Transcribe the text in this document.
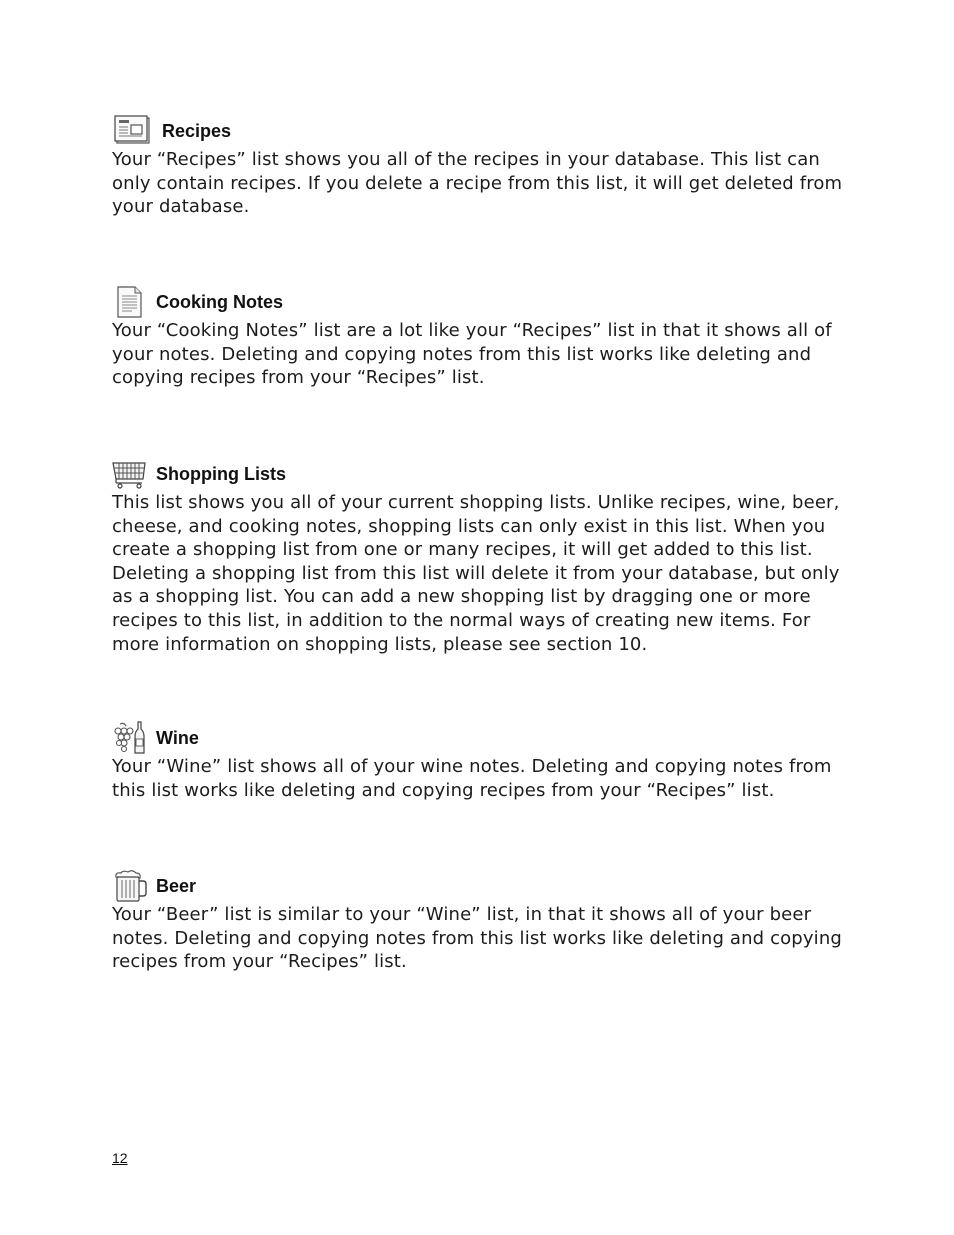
Recipes

Your “Recipes” list shows you all of the recipes in your database. This list can only contain recipes. If you delete a recipe from this list, it will get deleted from your database.

Cooking Notes

Your “Cooking Notes” list are a lot like your “Recipes” list in that it shows all of your notes. Deleting and copying notes from this list works like deleting and copying recipes from your “Recipes” list.

Shopping Lists

This list shows you all of your current shopping lists. Unlike recipes, wine, beer, cheese, and cooking notes, shopping lists can only exist in this list. When you create a shopping list from one or many recipes, it will get added to this list. Deleting a shopping list from this list will delete it from your database, but only as a shopping list. You can add a new shopping list by dragging one or more recipes to this list, in addition to the normal ways of creating new items. For more information on shopping lists, please see section 10.

Wine

Your “Wine” list shows all of your wine notes. Deleting and copying notes from this list works like deleting and copying recipes from your “Recipes” list.

Beer

Your “Beer” list is similar to your “Wine” list, in that it shows all of your beer notes. Deleting and copying notes from this list works like deleting and copying recipes from your “Recipes” list.

12
